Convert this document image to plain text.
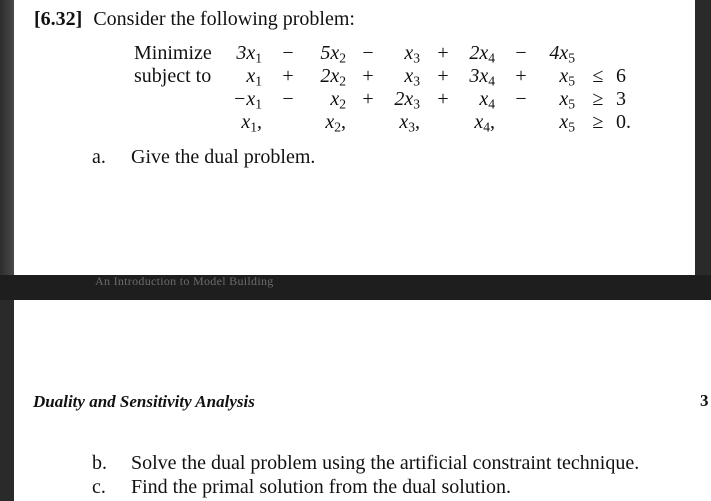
An Introduction to Model Building
[6.32] Consider the following problem:
Minimize
subject to
$3x_1 - 5x_2 - x_3 + 2x_4 - 4x_5$
$x_1 + 2x_2 + x_3 + 3x_4 + x_5 \le 6$
$-x_1 - x_2 + 2x_3 + x_4 - x_5 \ge 3$
$x_1$,	$x_2$,	$x_3$,	$x_4$,	$x_5 \ge 0$.
a. Give the dual problem.
Duality and Sensitivity Analysis	3
b. Solve the dual problem using the artificial constraint technique.
c. Find the primal solution from the dual solution.
